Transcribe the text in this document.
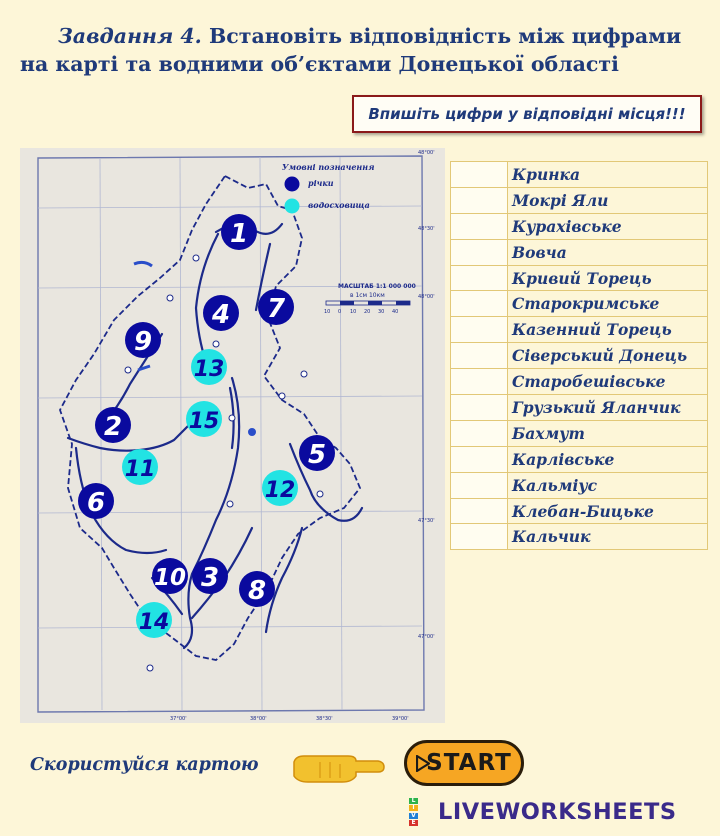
Завдання 4. Встановіть відповідність між цифрами на карті та водними об’єктами Донецької області
Впишіть цифри у відповідні місця!!!
Умовні позначення
річки
водосховища
МАСШТАБ 1:1 000 000
в 1см 10км
10 0 10 20 30 40
48°00'
48°30'
48°00'
47°30'
47°00'
37°00'	38°00'	38°30'	39°00'
1
2
3
4
5
6
7
8
9
10
11
12
13
14
15
	Кринка
	Мокрі Яли
	Курахівське
	Вовча
	Кривий Торець
	Старокримське
	Казенний Торець
	Сіверський Донець
	Старобешівське
	Грузький Яланчик
	Бахмут
	Карлівське
	Кальміус
	Клебан-Бицьке
	Кальчик
Скористуйся картою	START
L
I
V
E LIVEWORKSHEETS
